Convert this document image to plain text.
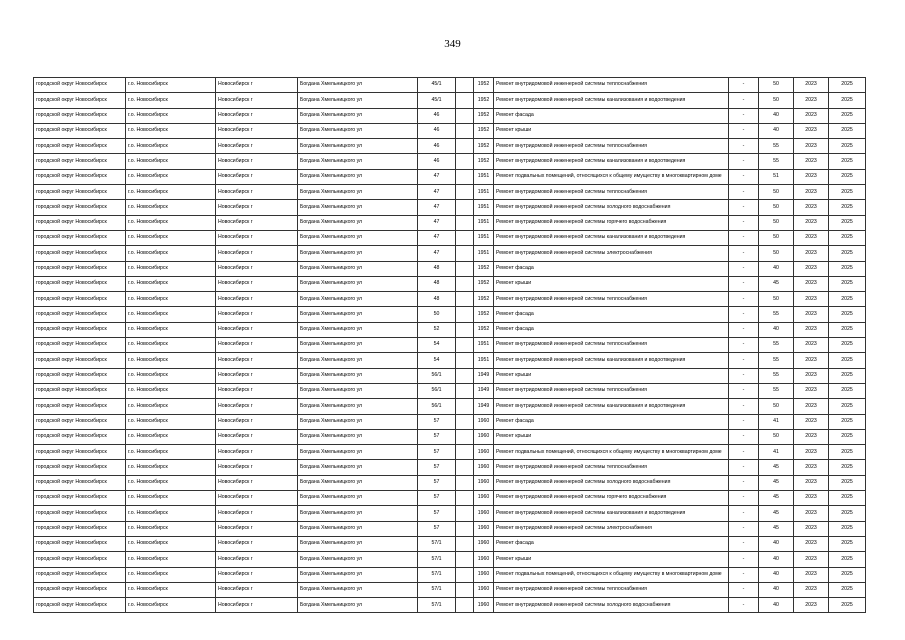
349
городской округ Новосибирск	г.о. Новосибирск	Новосибирск г	Богдана Хмельницкого ул	45/1		1952	Ремонт внутридомовой инженерной системы теплоснабжения	-	50	2023	2025
городской округ Новосибирск	г.о. Новосибирск	Новосибирск г	Богдана Хмельницкого ул	45/1		1952	Ремонт внутридомовой инженерной системы канализования и водоотведения	-	50	2023	2025
городской округ Новосибирск	г.о. Новосибирск	Новосибирск г	Богдана Хмельницкого ул	46		1952	Ремонт фасада	-	40	2023	2025
городской округ Новосибирск	г.о. Новосибирск	Новосибирск г	Богдана Хмельницкого ул	46		1952	Ремонт крыши	-	40	2023	2025
городской округ Новосибирск	г.о. Новосибирск	Новосибирск г	Богдана Хмельницкого ул	46		1952	Ремонт внутридомовой инженерной системы теплоснабжения	-	55	2023	2025
городской округ Новосибирск	г.о. Новосибирск	Новосибирск г	Богдана Хмельницкого ул	46		1952	Ремонт внутридомовой инженерной системы канализования и водоотведения	-	55	2023	2025
городской округ Новосибирск	г.о. Новосибирск	Новосибирск г	Богдана Хмельницкого ул	47		1951	Ремонт подвальных помещений, относящихся к общему имуществу в многоквартирном доме	-	51	2023	2025
городской округ Новосибирск	г.о. Новосибирск	Новосибирск г	Богдана Хмельницкого ул	47		1951	Ремонт внутридомовой инженерной системы теплоснабжения	-	50	2023	2025
городской округ Новосибирск	г.о. Новосибирск	Новосибирск г	Богдана Хмельницкого ул	47		1951	Ремонт внутридомовой инженерной системы холодного водоснабжения	-	50	2023	2025
городской округ Новосибирск	г.о. Новосибирск	Новосибирск г	Богдана Хмельницкого ул	47		1951	Ремонт внутридомовой инженерной системы горячего водоснабжения	-	50	2023	2025
городской округ Новосибирск	г.о. Новосибирск	Новосибирск г	Богдана Хмельницкого ул	47		1951	Ремонт внутридомовой инженерной системы канализования и водоотведения	-	50	2023	2025
городской округ Новосибирск	г.о. Новосибирск	Новосибирск г	Богдана Хмельницкого ул	47		1951	Ремонт внутридомовой инженерной системы электроснабжения	-	50	2023	2025
городской округ Новосибирск	г.о. Новосибирск	Новосибирск г	Богдана Хмельницкого ул	48		1952	Ремонт фасада	-	40	2023	2025
городской округ Новосибирск	г.о. Новосибирск	Новосибирск г	Богдана Хмельницкого ул	48		1952	Ремонт крыши	-	45	2023	2025
городской округ Новосибирск	г.о. Новосибирск	Новосибирск г	Богдана Хмельницкого ул	48		1952	Ремонт внутридомовой инженерной системы теплоснабжения	-	50	2023	2025
городской округ Новосибирск	г.о. Новосибирск	Новосибирск г	Богдана Хмельницкого ул	50		1952	Ремонт фасада	-	55	2023	2025
городской округ Новосибирск	г.о. Новосибирск	Новосибирск г	Богдана Хмельницкого ул	52		1952	Ремонт фасада	-	40	2023	2025
городской округ Новосибирск	г.о. Новосибирск	Новосибирск г	Богдана Хмельницкого ул	54		1951	Ремонт внутридомовой инженерной системы теплоснабжения	-	55	2023	2025
городской округ Новосибирск	г.о. Новосибирск	Новосибирск г	Богдана Хмельницкого ул	54		1951	Ремонт внутридомовой инженерной системы канализования и водоотведения	-	55	2023	2025
городской округ Новосибирск	г.о. Новосибирск	Новосибирск г	Богдана Хмельницкого ул	56/1		1949	Ремонт крыши	-	55	2023	2025
городской округ Новосибирск	г.о. Новосибирск	Новосибирск г	Богдана Хмельницкого ул	56/1		1949	Ремонт внутридомовой инженерной системы теплоснабжения	-	55	2023	2025
городской округ Новосибирск	г.о. Новосибирск	Новосибирск г	Богдана Хмельницкого ул	56/1		1949	Ремонт внутридомовой инженерной системы канализования и водоотведения	-	50	2023	2025
городской округ Новосибирск	г.о. Новосибирск	Новосибирск г	Богдана Хмельницкого ул	57		1960	Ремонт фасада	-	41	2023	2025
городской округ Новосибирск	г.о. Новосибирск	Новосибирск г	Богдана Хмельницкого ул	57		1960	Ремонт крыши	-	50	2023	2025
городской округ Новосибирск	г.о. Новосибирск	Новосибирск г	Богдана Хмельницкого ул	57		1960	Ремонт подвальных помещений, относящихся к общему имуществу в многоквартирном доме	-	41	2023	2025
городской округ Новосибирск	г.о. Новосибирск	Новосибирск г	Богдана Хмельницкого ул	57		1960	Ремонт внутридомовой инженерной системы теплоснабжения	-	45	2023	2025
городской округ Новосибирск	г.о. Новосибирск	Новосибирск г	Богдана Хмельницкого ул	57		1960	Ремонт внутридомовой инженерной системы холодного водоснабжения	-	45	2023	2025
городской округ Новосибирск	г.о. Новосибирск	Новосибирск г	Богдана Хмельницкого ул	57		1960	Ремонт внутридомовой инженерной системы горячего водоснабжения	-	45	2023	2025
городской округ Новосибирск	г.о. Новосибирск	Новосибирск г	Богдана Хмельницкого ул	57		1960	Ремонт внутридомовой инженерной системы канализования и водоотведения	-	45	2023	2025
городской округ Новосибирск	г.о. Новосибирск	Новосибирск г	Богдана Хмельницкого ул	57		1960	Ремонт внутридомовой инженерной системы электроснабжения	-	45	2023	2025
городской округ Новосибирск	г.о. Новосибирск	Новосибирск г	Богдана Хмельницкого ул	57/1		1960	Ремонт фасада	-	40	2023	2025
городской округ Новосибирск	г.о. Новосибирск	Новосибирск г	Богдана Хмельницкого ул	57/1		1960	Ремонт крыши	-	40	2023	2025
городской округ Новосибирск	г.о. Новосибирск	Новосибирск г	Богдана Хмельницкого ул	57/1		1960	Ремонт подвальных помещений, относящихся к общему имуществу в многоквартирном доме	-	40	2023	2025
городской округ Новосибирск	г.о. Новосибирск	Новосибирск г	Богдана Хмельницкого ул	57/1		1960	Ремонт внутридомовой инженерной системы теплоснабжения	-	40	2023	2025
городской округ Новосибирск	г.о. Новосибирск	Новосибирск г	Богдана Хмельницкого ул	57/1		1960	Ремонт внутридомовой инженерной системы холодного водоснабжения	-	40	2023	2025
